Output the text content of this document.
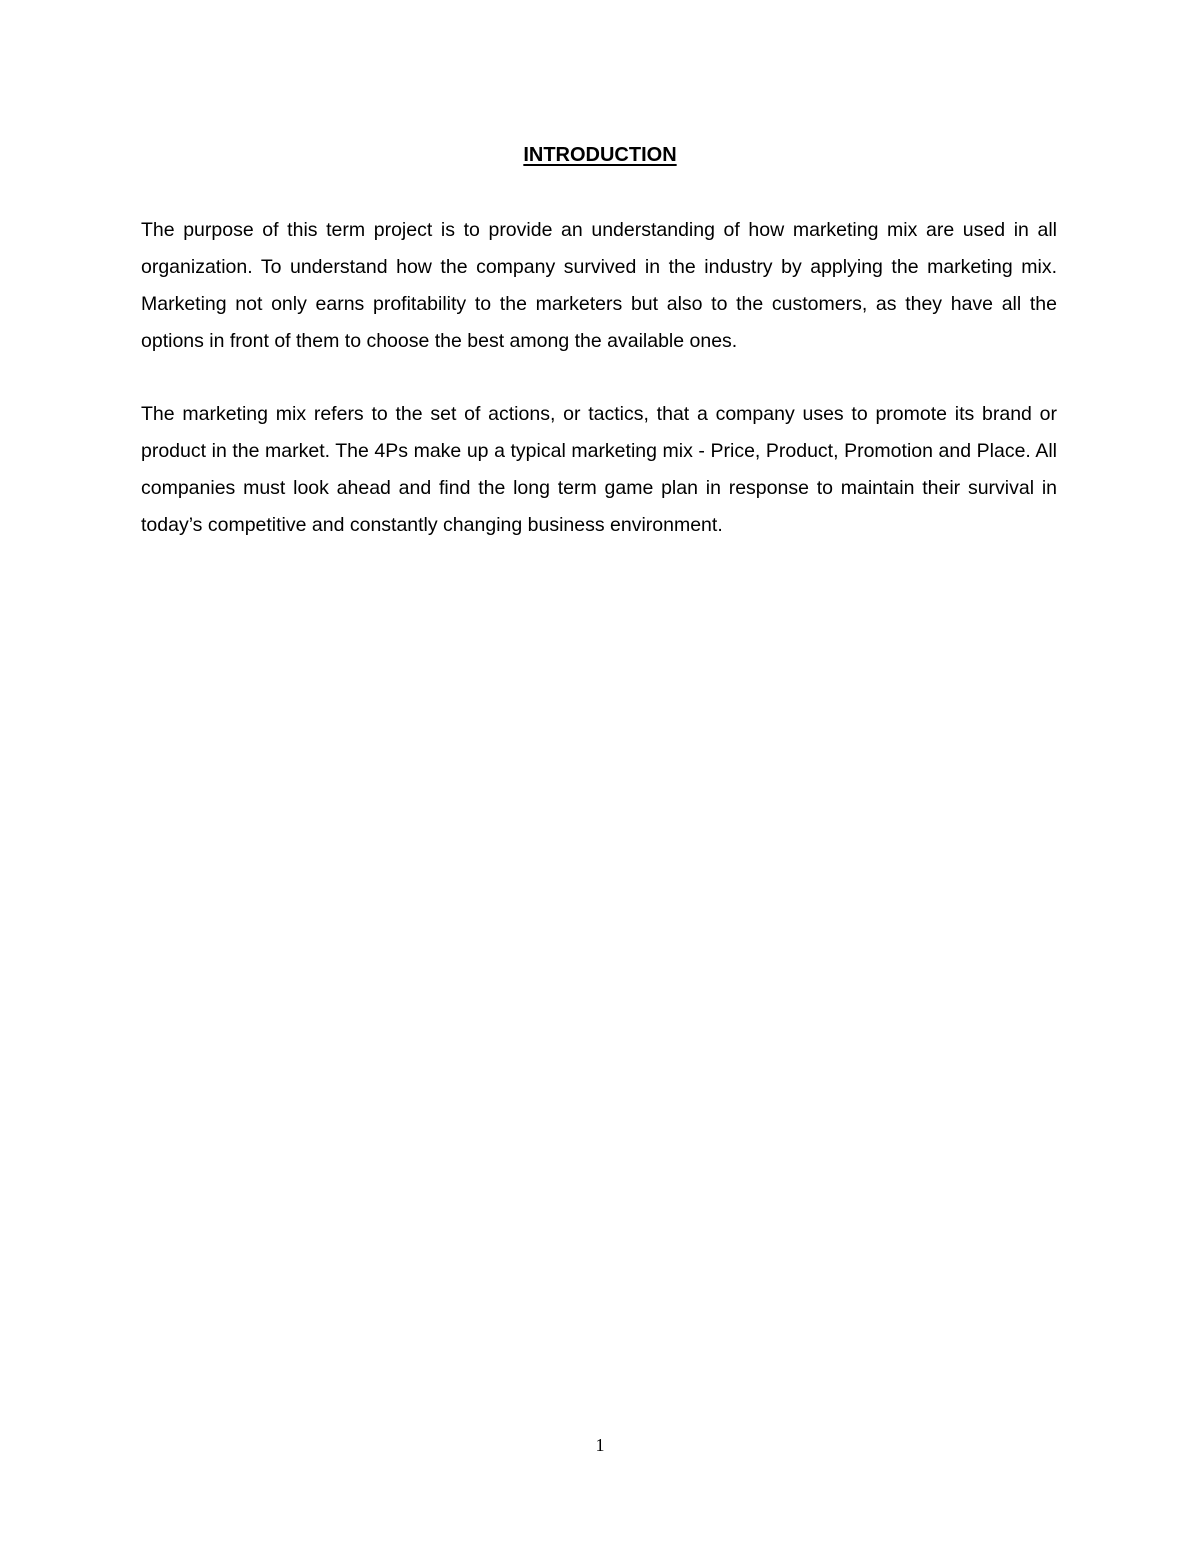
INTRODUCTION

The purpose of this term project is to provide an understanding of how marketing mix are used in all organization. To understand how the company survived in the industry by applying the marketing mix. Marketing not only earns profitability to the marketers but also to the customers, as they have all the options in front of them to choose the best among the available ones.

The marketing mix refers to the set of actions, or tactics, that a company uses to promote its brand or product in the market. The 4Ps make up a typical marketing mix - Price, Product, Promotion and Place. All companies must look ahead and find the long term game plan in response to maintain their survival in today’s competitive and constantly changing business environment.

1
